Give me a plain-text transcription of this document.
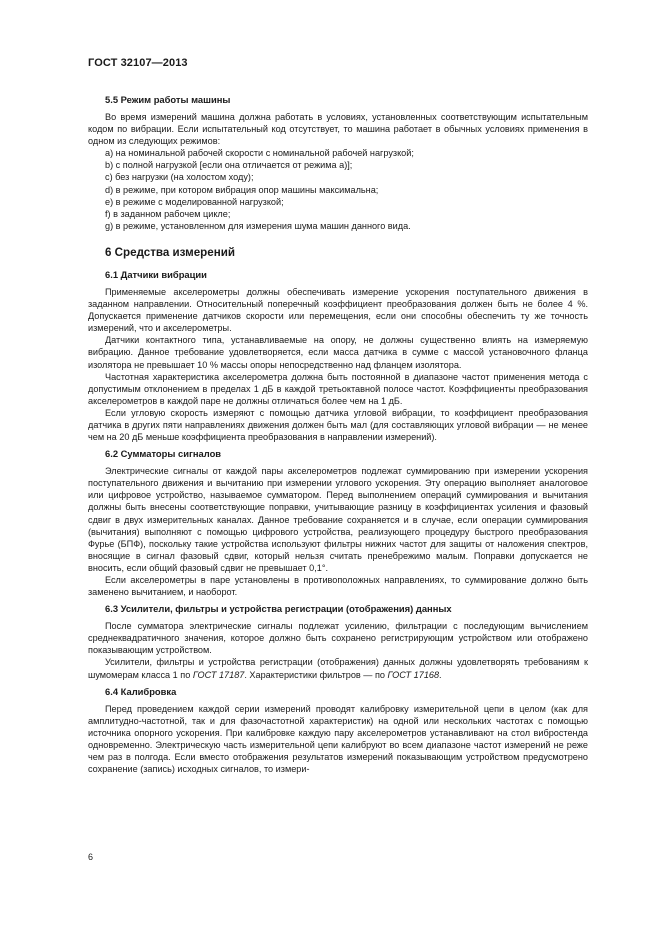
ГОСТ 32107—2013
5.5 Режим работы машины

Во время измерений машина должна работать в условиях, установленных соответствующим испытательным кодом по вибрации. Если испытательный код отсутствует, то машина работает в обычных условиях применения в одном из следующих режимов:

а) на номинальной рабочей скорости с номинальной рабочей нагрузкой;
b) с полной нагрузкой [если она отличается от режима а)];
c) без нагрузки (на холостом ходу);
d) в режиме, при котором вибрация опор машины максимальна;
e) в режиме с моделированной нагрузкой;
f) в заданном рабочем цикле;
g) в режиме, установленном для измерения шума машин данного вида.
6 Средства измерений
6.1 Датчики вибрации

Применяемые акселерометры должны обеспечивать измерение ускорения поступательного движения в заданном направлении. Относительный поперечный коэффициент преобразования должен быть не более 4 %. Допускается применение датчиков скорости или перемещения, если они способны обеспечить ту же точность измерений, что и акселерометры.

Датчики контактного типа, устанавливаемые на опору, не должны существенно влиять на измеряемую вибрацию. Данное требование удовлетворяется, если масса датчика в сумме с массой установочного фланца изолятора не превышает 10 % массы опоры непосредственно над фланцем изолятора.

Частотная характеристика акселерометра должна быть постоянной в диапазоне частот применения метода с допустимым отклонением в пределах 1 дБ в каждой третьоктавной полосе частот. Коэффициенты преобразования акселерометров в каждой паре не должны отличаться более чем на 1 дБ.

Если угловую скорость измеряют с помощью датчика угловой вибрации, то коэффициент преобразования датчика в других пяти направлениях движения должен быть мал (для составляющих угловой вибрации — не менее чем на 20 дБ меньше коэффициента преобразования в направлении измерений).

6.2 Сумматоры сигналов

Электрические сигналы от каждой пары акселерометров подлежат суммированию при измерении ускорения поступательного движения и вычитанию при измерении углового ускорения. Эту операцию выполняет аналоговое или цифровое устройство, называемое сумматором. Перед выполнением операций суммирования и вычитания должны быть внесены соответствующие поправки, учитывающие разницу в коэффициентах усиления и фазовый сдвиг в двух измерительных каналах. Данное требование сохраняется и в случае, если операции суммирования (вычитания) выполняют с помощью цифрового устройства, реализующего процедуру быстрого преобразования Фурье (БПФ), поскольку такие устройства используют фильтры нижних частот для защиты от наложения спектров, вносящие в сигнал фазовый сдвиг, который нельзя считать пренебрежимо малым. Поправки допускается не вносить, если общий фазовый сдвиг не превышает 0,1°.

Если акселерометры в паре установлены в противоположных направлениях, то суммирование должно быть заменено вычитанием, и наоборот.

6.3 Усилители, фильтры и устройства регистрации (отображения) данных

После сумматора электрические сигналы подлежат усилению, фильтрации с последующим вычислением среднеквадратичного значения, которое должно быть сохранено регистрирующим устройством или отображено показывающим устройством.

Усилители, фильтры и устройства регистрации (отображения) данных должны удовлетворять требованиям к шумомерам класса 1 по ГОСТ 17187. Характеристики фильтров — по ГОСТ 17168.

6.4 Калибровка

Перед проведением каждой серии измерений проводят калибровку измерительной цепи в целом (как для амплитудно-частотной, так и для фазочастотной характеристик) на одной или нескольких частотах с помощью источника опорного ускорения. При калибровке каждую пару акселерометров устанавливают на стол вибростенда одновременно. Электрическую часть измерительной цепи калибруют во всем диапазоне частот измерений не реже чем раз в полгода. Если вместо отображения результатов измерений показывающим устройством предусмотрено сохранение (запись) исходных сигналов, то измери-

6
